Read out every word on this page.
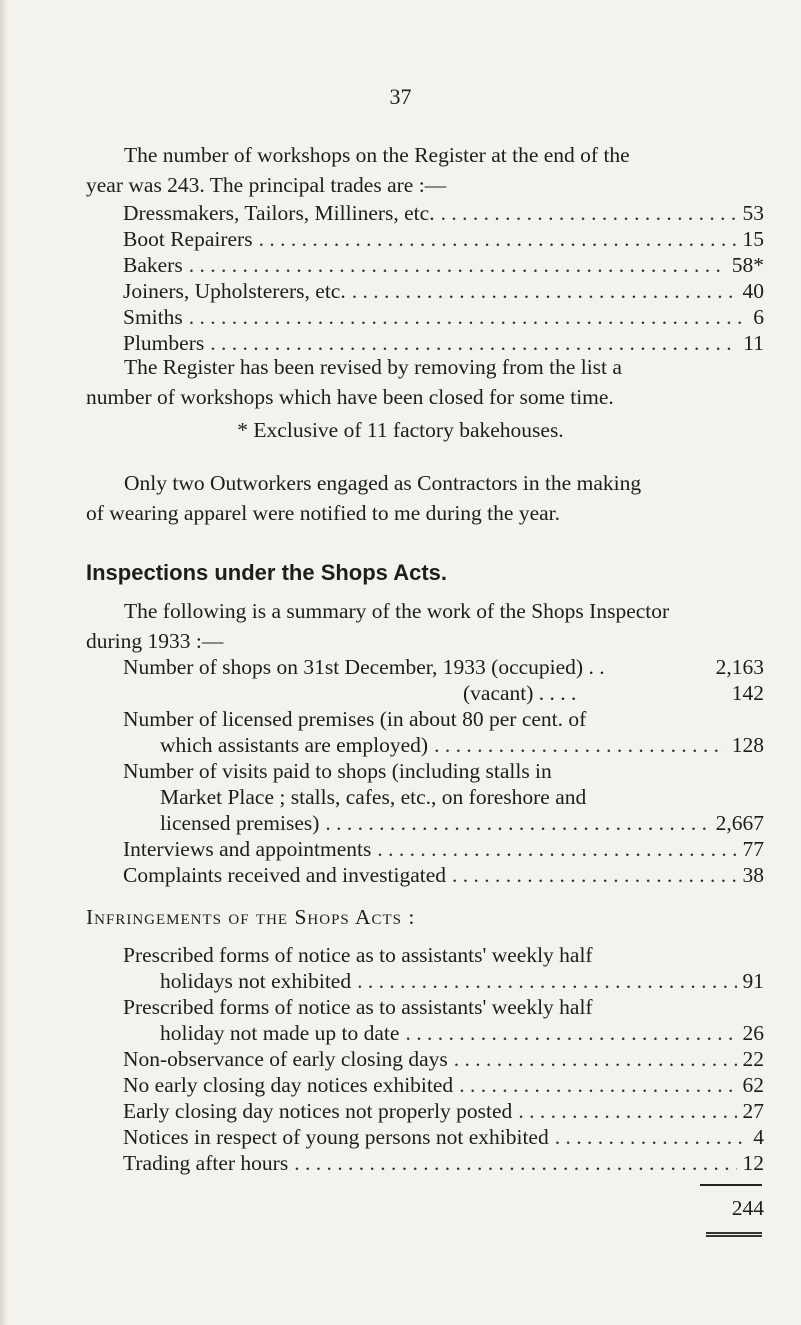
37
The number of workshops on the Register at the end of the
year was 243. The principal trades are :—
Dressmakers, Tailors, Milliners, etc. . . .	53
Boot Repairers . . .	15
Bakers . . .	58*
Joiners, Upholsterers, etc. . . .	40
Smiths . . .	6
Plumbers . . .	11
The Register has been revised by removing from the list a
number of workshops which have been closed for some time.
* Exclusive of 11 factory bakehouses.
Only two Outworkers engaged as Contractors in the making
of wearing apparel were notified to me during the year.
Inspections under the Shops Acts.
The following is a summary of the work of the Shops Inspector
during 1933 :—
Number of shops on 31st December, 1933 (occupied) . .	2,163
(vacant) . . . .	142
Number of licensed premises (in about 80 per cent. of
which assistants are employed) . . .	128
Number of visits paid to shops (including stalls in
Market Place ; stalls, cafes, etc., on foreshore and
licensed premises) . . .	2,667
Interviews and appointments . . .	77
Complaints received and investigated . . .	38
Infringements of the Shops Acts :
Prescribed forms of notice as to assistants' weekly half
holidays not exhibited . . .	91
Prescribed forms of notice as to assistants' weekly half
holiday not made up to date . . .	26
Non-observance of early closing days . . .	22
No early closing day notices exhibited . . .	62
Early closing day notices not properly posted . . .	27
Notices in respect of young persons not exhibited . . .	4
Trading after hours . . .	12
244
